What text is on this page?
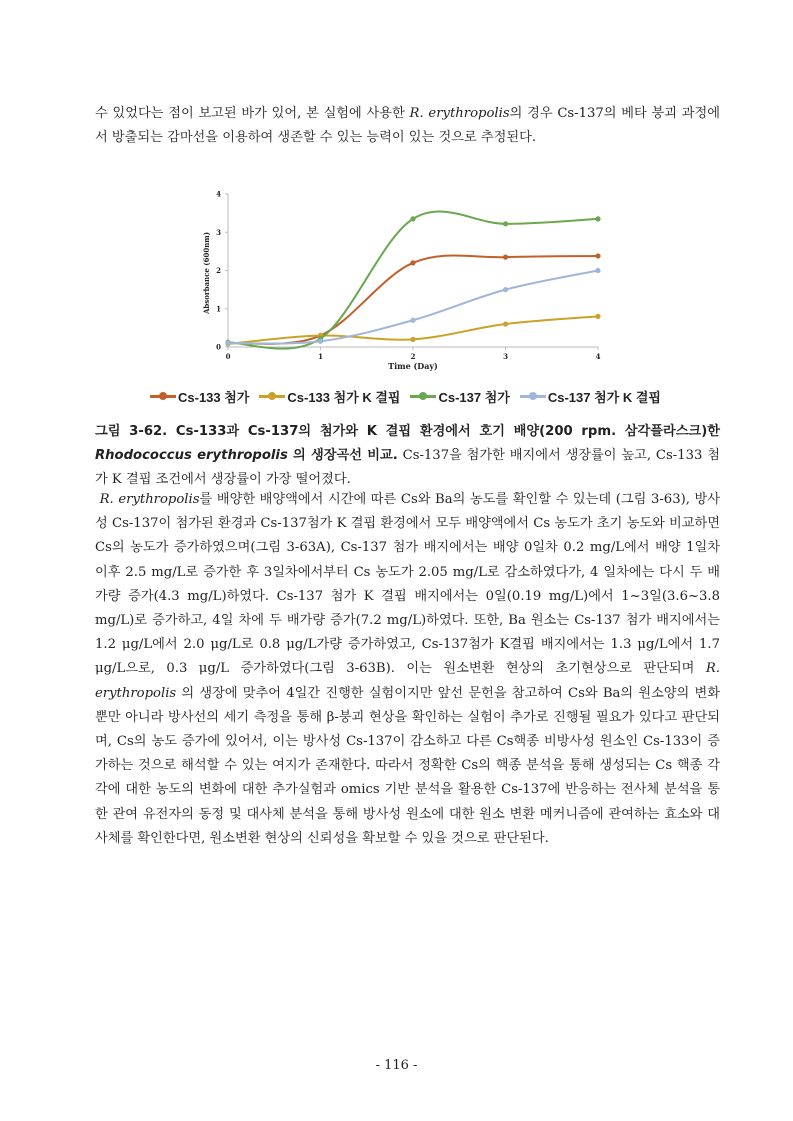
수 있었다는 점이 보고된 바가 있어, 본 실험에 사용한 R. erythropolis의 경우 Cs-137의 베타 붕괴 과정에서 방출되는 감마선을 이용하여 생존할 수 있는 능력이 있는 것으로 추정된다.

0
1
2
3
4
0	1	2	3	4
Absorbance (600nm)
Time (Day)
Cs-133 첨가	Cs-133 첨가 K 결핍	Cs-137 첨가	Cs-137 첨가 K 결핍
그림 3-62. Cs-133과 Cs-137의 첨가와 K 결핍 환경에서 호기 배양(200 rpm. 삼각플라스크)한 Rhodococcus erythropolis 의 생장곡선 비교. Cs-137을 첨가한 배지에서 생장률이 높고, Cs-133 첨가 K 결핍 조건에서 생장률이 가장 떨어졌다.

R. erythropolis를 배양한 배양액에서 시간에 따른 Cs와 Ba의 농도를 확인할 수 있는데 (그림 3-63), 방사성 Cs-137이 첨가된 환경과 Cs-137첨가 K 결핍 환경에서 모두 배양액에서 Cs 농도가 초기 농도와 비교하면 Cs의 농도가 증가하였으며(그림 3-63A), Cs-137 첨가 배지에서는 배양 0일차 0.2 mg/L에서 배양 1일차 이후 2.5 mg/L로 증가한 후 3일차에서부터 Cs 농도가 2.05 mg/L로 감소하였다가, 4 일차에는 다시 두 배가량 증가(4.3 mg/L)하였다. Cs-137 첨가 K 결핍 배지에서는 0일(0.19 mg/L)에서 1~3일(3.6~3.8 mg/L)로 증가하고, 4일 차에 두 배가량 증가(7.2 mg/L)하였다. 또한, Ba 원소는 Cs-137 첨가 배지에서는 1.2 μg/L에서 2.0 μg/L로 0.8 μg/L가량 증가하였고, Cs-137첨가 K결핍 배지에서는 1.3 μg/L에서 1.7 μg/L으로, 0.3 μg/L 증가하였다(그림 3-63B). 이는 원소변환 현상의 초기현상으로 판단되며 R. erythropolis 의 생장에 맞추어 4일간 진행한 실험이지만 앞선 문헌을 참고하여 Cs와 Ba의 원소양의 변화 뿐만 아니라 방사선의 세기 측정을 통해 β-붕괴 현상을 확인하는 실험이 추가로 진행될 필요가 있다고 판단되며, Cs의 농도 증가에 있어서, 이는 방사성 Cs-137이 감소하고 다른 Cs핵종 비방사성 원소인 Cs-133이 증가하는 것으로 해석할 수 있는 여지가 존재한다. 따라서 정확한 Cs의 핵종 분석을 통해 생성되는 Cs 핵종 각각에 대한 농도의 변화에 대한 추가실험과 omics 기반 분석을 활용한 Cs-137에 반응하는 전사체 분석을 통한 관여 유전자의 동정 및 대사체 분석을 통해 방사성 원소에 대한 원소 변환 메커니즘에 관여하는 효소와 대사체를 확인한다면, 원소변환 현상의 신뢰성을 확보할 수 있을 것으로 판단된다.

- 116 -
